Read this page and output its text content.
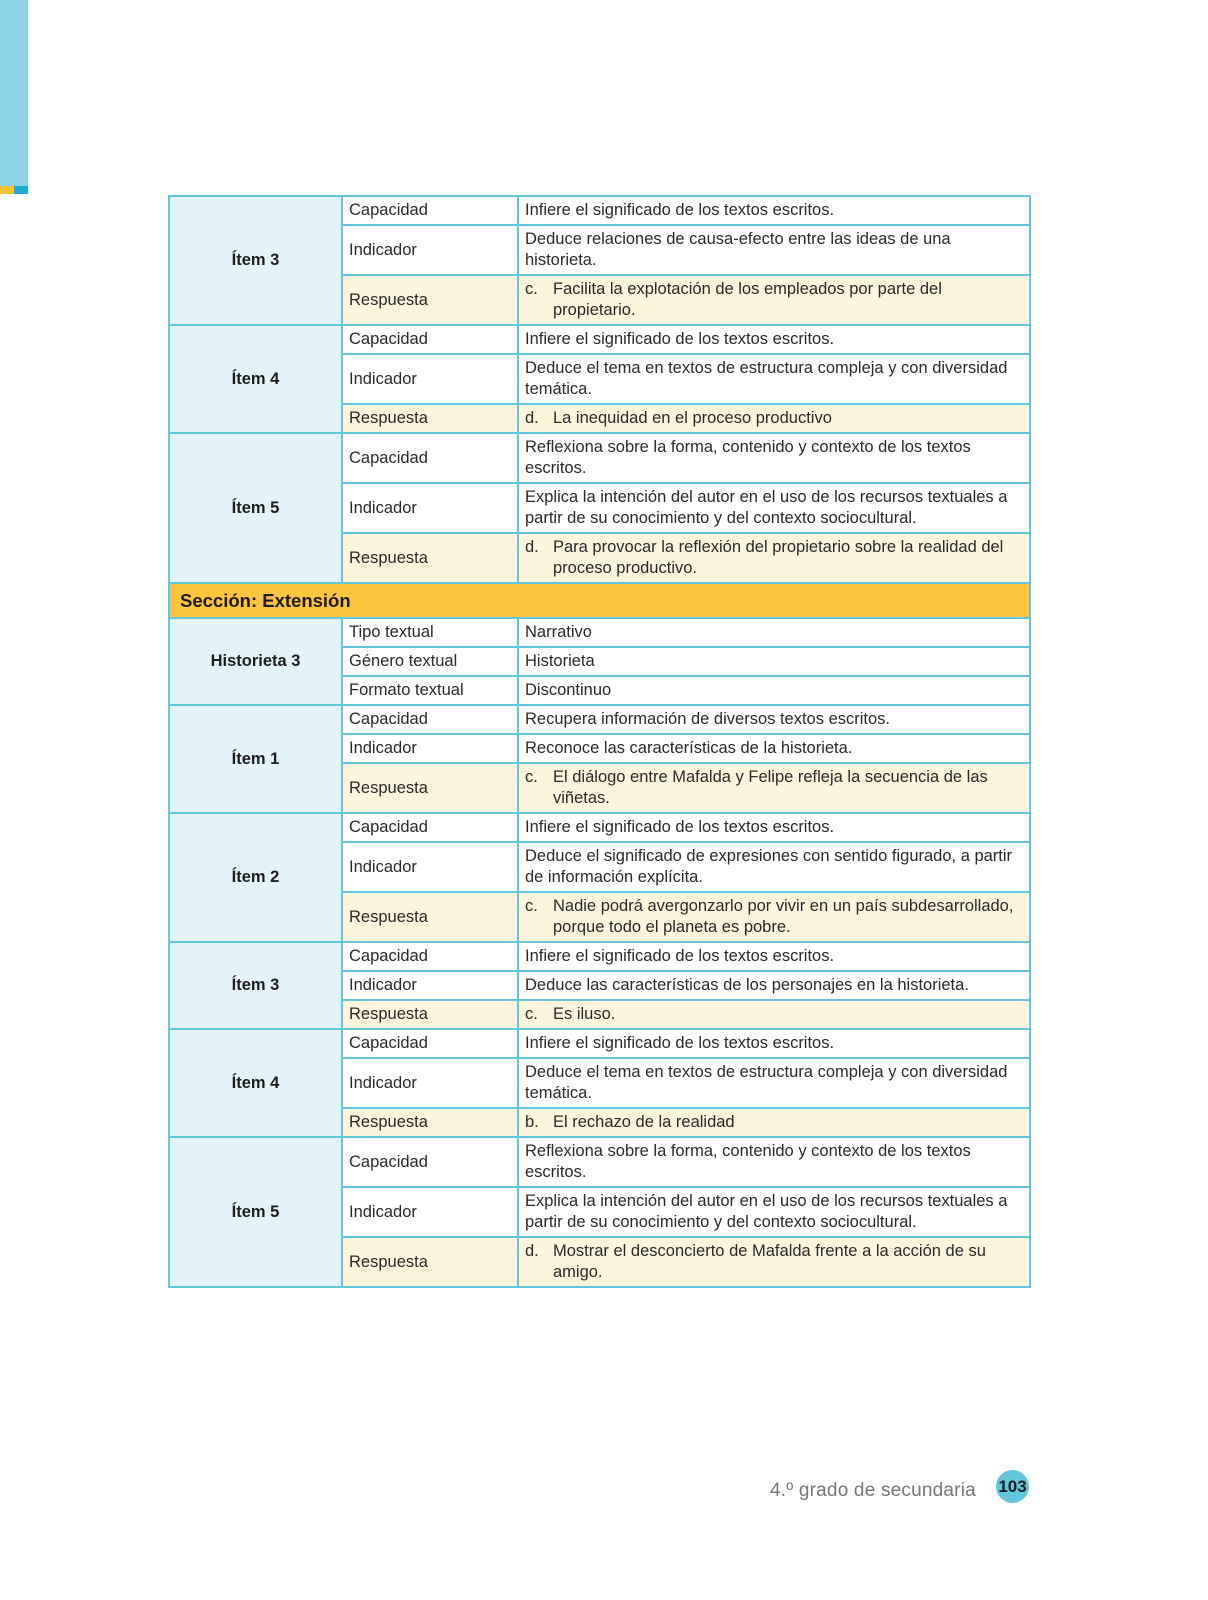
Ítem 3	Capacidad	Infiere el significado de los textos escritos.
	Indicador	Deduce relaciones de causa-efecto entre las ideas de una historieta.
	Respuesta	c. Facilita la explotación de los empleados por parte del propietario.

Ítem 4	Capacidad	Infiere el significado de los textos escritos.
	Indicador	Deduce el tema en textos de estructura compleja y con diversidad temática.
	Respuesta	d. La inequidad en el proceso productivo

Ítem 5	Capacidad	Reflexiona sobre la forma, contenido y contexto de los textos escritos.
	Indicador	Explica la intención del autor en el uso de los recursos textuales a partir de su conocimiento y del contexto sociocultural.
	Respuesta	d. Para provocar la reflexión del propietario sobre la realidad del proceso productivo.

Sección: Extensión		
Historieta 3	Tipo textual	Narrativo
	Género textual	Historieta
	Formato textual	Discontinuo
Ítem 1	Capacidad	Recupera información de diversos textos escritos.
	Indicador	Reconoce las características de la historieta.
	Respuesta	c. El diálogo entre Mafalda y Felipe refleja la secuencia de las viñetas.

Ítem 2	Capacidad	Infiere el significado de los textos escritos.
	Indicador	Deduce el significado de expresiones con sentido figurado, a partir de información explícita.
	Respuesta	c. Nadie podrá avergonzarlo por vivir en un país subdesarrollado, porque todo el planeta es pobre.

Ítem 3	Capacidad	Infiere el significado de los textos escritos.
	Indicador	Deduce las características de los personajes en la historieta.
	Respuesta	c. Es iluso.

Ítem 4	Capacidad	Infiere el significado de los textos escritos.
	Indicador	Deduce el tema en textos de estructura compleja y con diversidad temática.
	Respuesta	b. El rechazo de la realidad

Ítem 5	Capacidad	Reflexiona sobre la forma, contenido y contexto de los textos escritos.
	Indicador	Explica la intención del autor en el uso de los recursos textuales a partir de su conocimiento y del contexto sociocultural.
	Respuesta	d. Mostrar el desconcierto de Mafalda frente a la acción de su amigo.
4.º grado de secundaria 103
